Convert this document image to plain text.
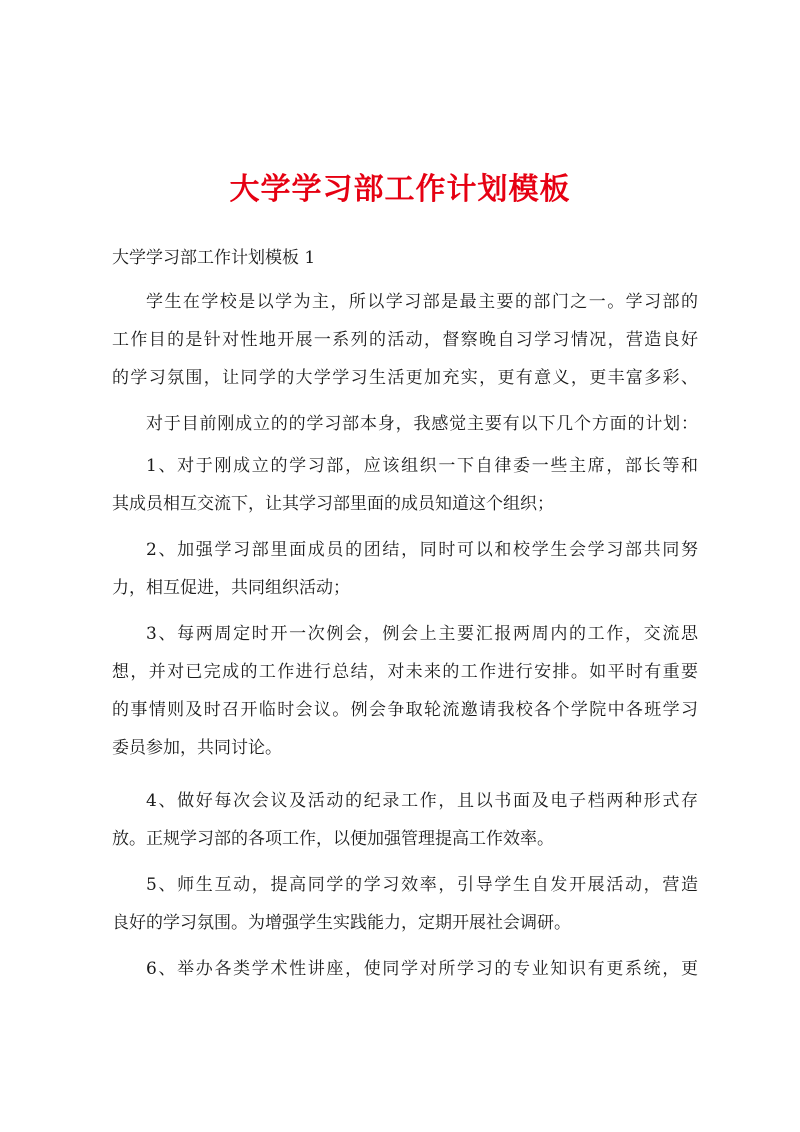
大学学习部工作计划模板
大学学习部工作计划模板 1
学生在学校是以学为主，所以学习部是最主要的部门之一。学习部的
工作目的是针对性地开展一系列的活动，督察晚自习学习情况，营造良好
的学习氛围，让同学的大学学习生活更加充实，更有意义，更丰富多彩、
对于目前刚成立的的学习部本身，我感觉主要有以下几个方面的计划：
1、对于刚成立的学习部，应该组织一下自律委一些主席，部长等和
其成员相互交流下，让其学习部里面的成员知道这个组织；
2、加强学习部里面成员的团结，同时可以和校学生会学习部共同努
力，相互促进，共同组织活动；
3、每两周定时开一次例会，例会上主要汇报两周内的工作，交流思
想，并对已完成的工作进行总结，对未来的工作进行安排。如平时有重要
的事情则及时召开临时会议。例会争取轮流邀请我校各个学院中各班学习
委员参加，共同讨论。
4、做好每次会议及活动的纪录工作，且以书面及电子档两种形式存
放。正规学习部的各项工作，以便加强管理提高工作效率。
5、师生互动，提高同学的学习效率，引导学生自发开展活动，营造
良好的学习氛围。为增强学生实践能力，定期开展社会调研。
6、举办各类学术性讲座，使同学对所学习的专业知识有更系统，更
